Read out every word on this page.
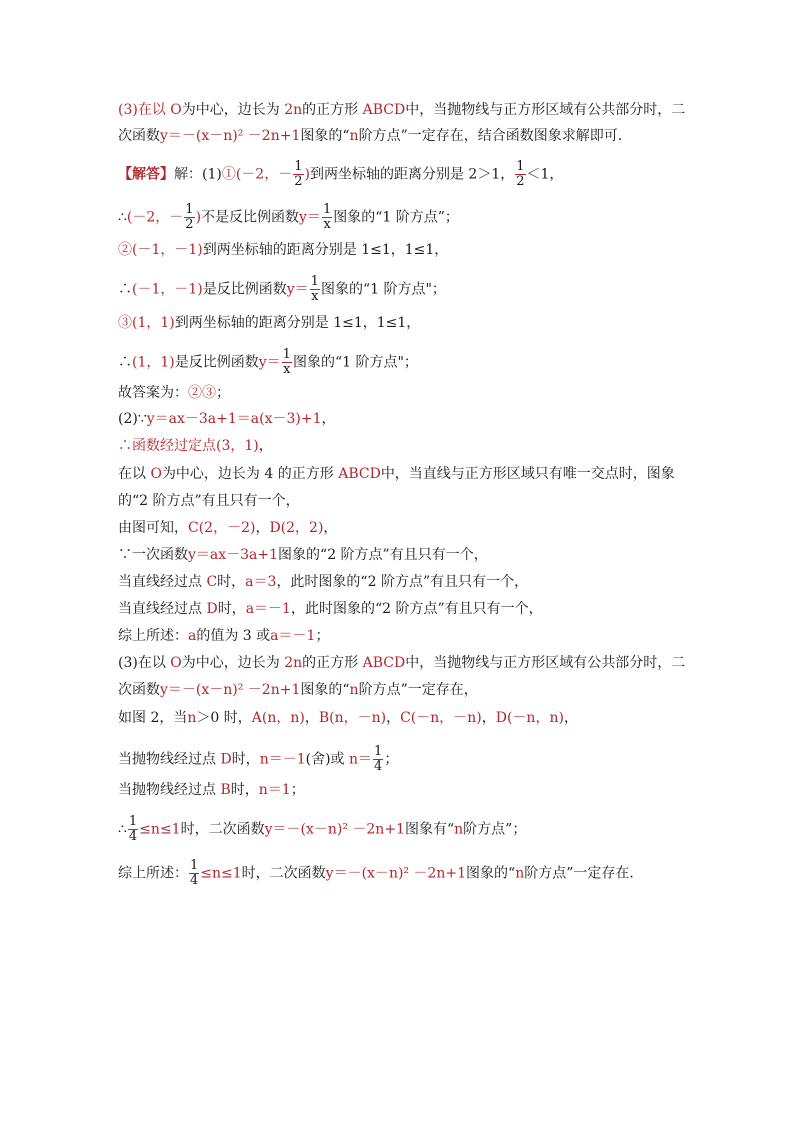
(3)在以 O为中心，边长为 2n的正方形 ABCD中，当抛物线与正方形区域有公共部分时，二
次函数y＝－(x－n)² －2n+1图象的“n阶方点”一定存在，结合函数图象求解即可．
【解答】解：(1)①(－2，－ $\frac{1}{2}$ )到两坐标轴的距离分别是 2＞1， $\frac{1}{2} <1$，
∴(－2，－ $\frac{1}{2}$ )不是反比例函数$y= \frac{1}{x}$ 图象的“1 阶方点”；
②(－1，－1)到两坐标轴的距离分别是 1≤1，1≤1，
∴(－1，－1)是反比例函数$y= \frac{1}{x}$ 图象的“1 阶方点"；
③(1，1)到两坐标轴的距离分别是 1≤1，1≤1，
∴(1，1)是反比例函数$y= \frac{1}{x}$ 图象的“1 阶方点"；
故答案为：②③；
(2)∵y＝ax－3a+1＝a(x－3)+1，
∴函数经过定点(3，1)，
在以 O为中心，边长为 4 的正方形 ABCD中，当直线与正方形区域只有唯一交点时，图象
的“2 阶方点”有且只有一个，
由图可知，C(2，－2)，D(2，2)，
∵一次函数y＝ax－3a+1图象的“2 阶方点”有且只有一个，
当直线经过点 C时，a＝3，此时图象的“2 阶方点”有且只有一个，
当直线经过点 D时，a＝－1，此时图象的“2 阶方点”有且只有一个，
综上所述：a的值为 3 或a＝－1；
(3)在以 O为中心，边长为 2n的正方形 ABCD中，当抛物线与正方形区域有公共部分时，二
次函数y＝－(x－n)² －2n+1图象的“n阶方点”一定存在，
如图 2，当n＞0 时，A(n，n)，B(n，－n)，C(－n，－n)，D(－n，n)，
当抛物线经过点 D时，n＝－1(舍)或 $n= \frac{1}{4}$ ；
当抛物线经过点 B时，n＝1；
∴ $\frac{1}{4} \le n\le 1$时，二次函数y＝－(x－n)² －2n+1图象有“n阶方点”；
综上所述： $\frac{1}{4} \le n\le 1$时，二次函数y＝－(x－n)² －2n+1图象的“n阶方点”一定存在．
